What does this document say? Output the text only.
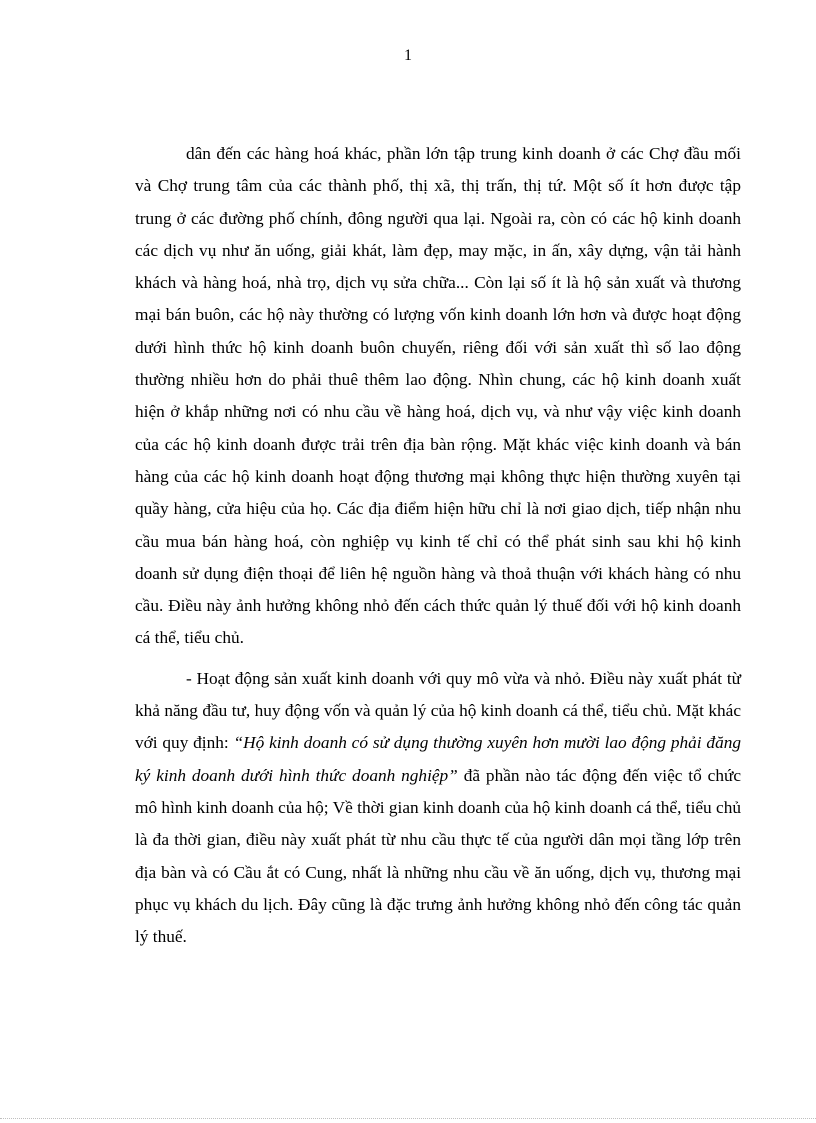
1

dân đến các hàng hoá khác, phần lớn tập trung kinh doanh ở các Chợ đầu mối và Chợ trung tâm của các thành phố, thị xã, thị trấn, thị tứ. Một số ít hơn được tập trung ở các đường phố chính, đông người qua lại. Ngoài ra, còn có các hộ kinh doanh các dịch vụ như ăn uống, giải khát, làm đẹp, may mặc, in ấn, xây dựng, vận tải hành khách và hàng hoá, nhà trọ, dịch vụ sửa chữa... Còn lại số ít là hộ sản xuất và thương mại bán buôn, các hộ này thường có lượng vốn kinh doanh lớn hơn và được hoạt động dưới hình thức hộ kinh doanh buôn chuyến, riêng đối với sản xuất thì số lao động thường nhiều hơn do phải thuê thêm lao động. Nhìn chung, các hộ kinh doanh xuất hiện ở khắp những nơi có nhu cầu về hàng hoá, dịch vụ, và như vậy việc kinh doanh của các hộ kinh doanh được trải trên địa bàn rộng. Mặt khác việc kinh doanh và bán hàng của các hộ kinh doanh hoạt động thương mại không thực hiện thường xuyên tại quầy hàng, cửa hiệu của họ. Các địa điểm hiện hữu chỉ là nơi giao dịch, tiếp nhận nhu cầu mua bán hàng hoá, còn nghiệp vụ kinh tế chỉ có thể phát sinh sau khi hộ kinh doanh sử dụng điện thoại để liên hệ nguồn hàng và thoả thuận với khách hàng có nhu cầu. Điều này ảnh hưởng không nhỏ đến cách thức quản lý thuế đối với hộ kinh doanh cá thể, tiểu chủ.

- Hoạt động sản xuất kinh doanh với quy mô vừa và nhỏ. Điều này xuất phát từ khả năng đầu tư, huy động vốn và quản lý của hộ kinh doanh cá thể, tiểu chủ. Mặt khác với quy định: “Hộ kinh doanh có sử dụng thường xuyên hơn mười lao động phải đăng ký kinh doanh dưới hình thức doanh nghiệp” đã phần nào tác động đến việc tổ chức mô hình kinh doanh của hộ; Về thời gian kinh doanh của hộ kinh doanh cá thể, tiểu chủ là đa thời gian, điều này xuất phát từ nhu cầu thực tế của người dân mọi tầng lớp trên địa bàn và có Cầu ắt có Cung, nhất là những nhu cầu về ăn uống, dịch vụ, thương mại phục vụ khách du lịch. Đây cũng là đặc trưng ảnh hưởng không nhỏ đến công tác quản lý thuế.
